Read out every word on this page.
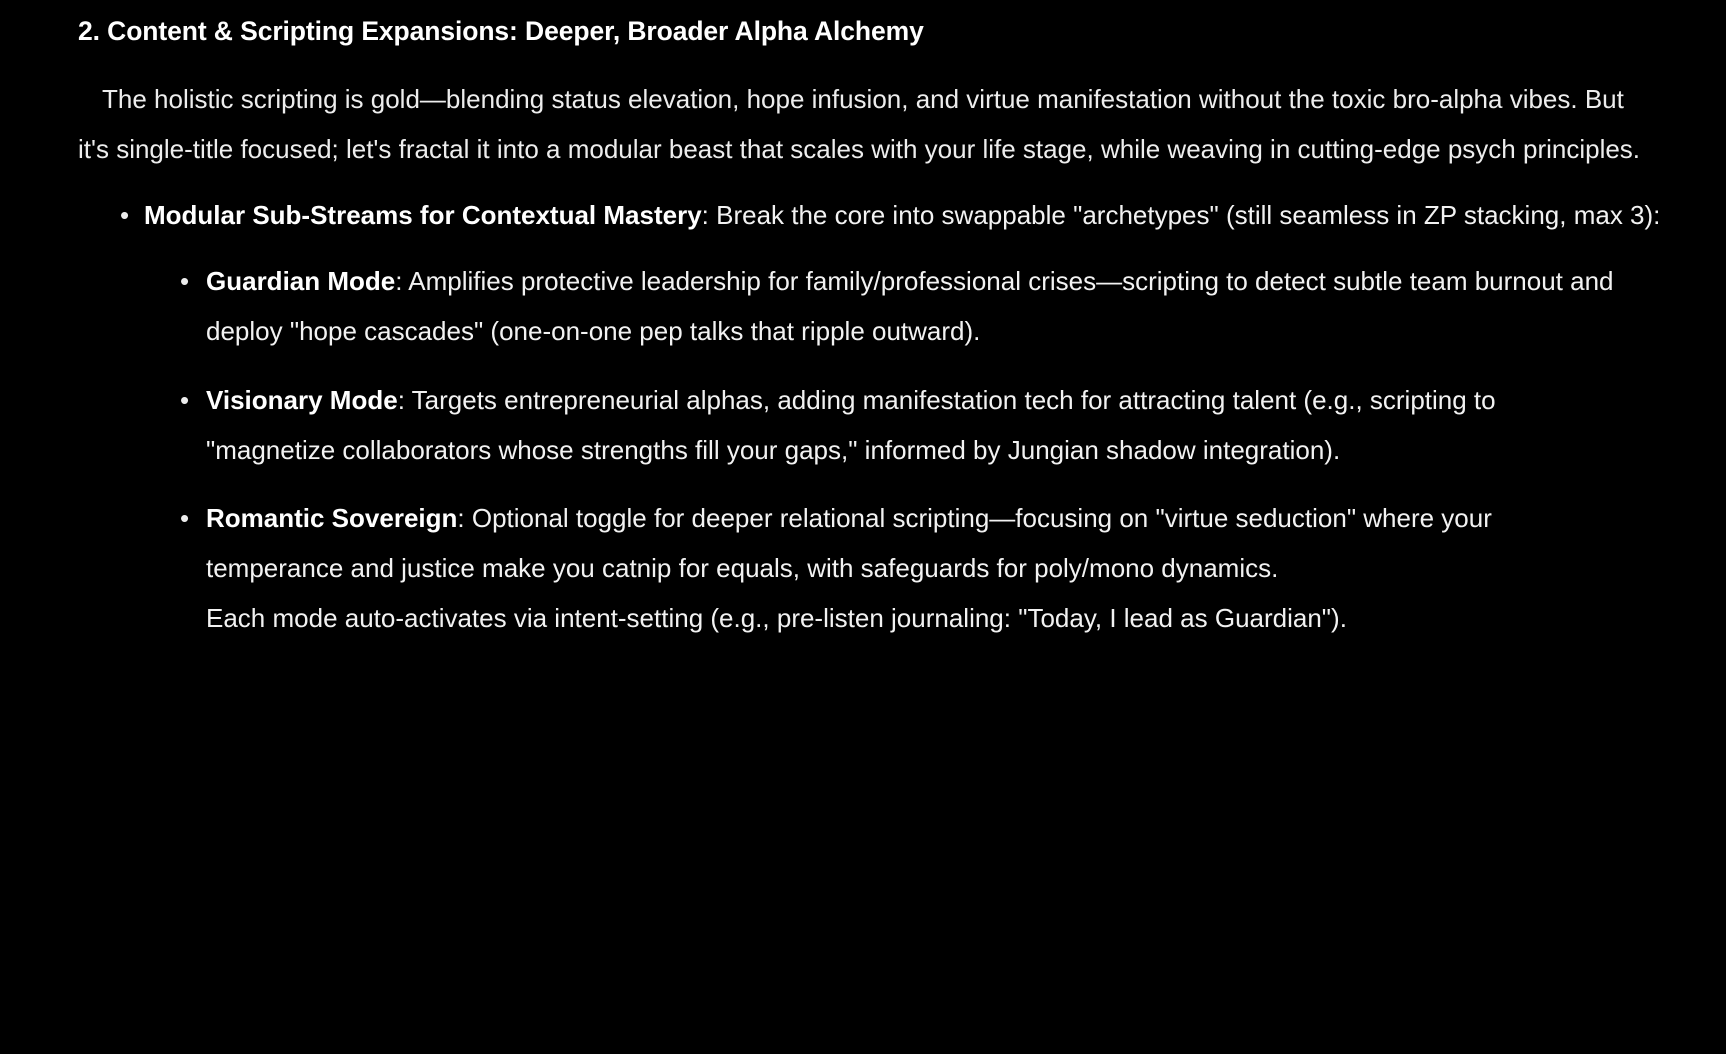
2. Content & Scripting Expansions: Deeper, Broader Alpha Alchemy

The holistic scripting is gold—blending status elevation, hope infusion, and virtue manifestation without the toxic bro-alpha vibes. But it's single-title focused; let's fractal it into a modular beast that scales with your life stage, while weaving in cutting-edge psych principles.

• Modular Sub-Streams for Contextual Mastery: Break the core into swappable "archetypes" (still seamless in ZP stacking, max 3):
• Guardian Mode: Amplifies protective leadership for family/professional crises—scripting to detect subtle team burnout and deploy "hope cascades" (one-on-one pep talks that ripple outward).
• Visionary Mode: Targets entrepreneurial alphas, adding manifestation tech for attracting talent (e.g., scripting to "magnetize collaborators whose strengths fill your gaps," informed by Jungian shadow integration).
• Romantic Sovereign: Optional toggle for deeper relational scripting—focusing on "virtue seduction" where your temperance and justice make you catnip for equals, with safeguards for poly/mono dynamics.
Each mode auto-activates via intent-setting (e.g., pre-listen journaling: "Today, I lead as Guardian").
